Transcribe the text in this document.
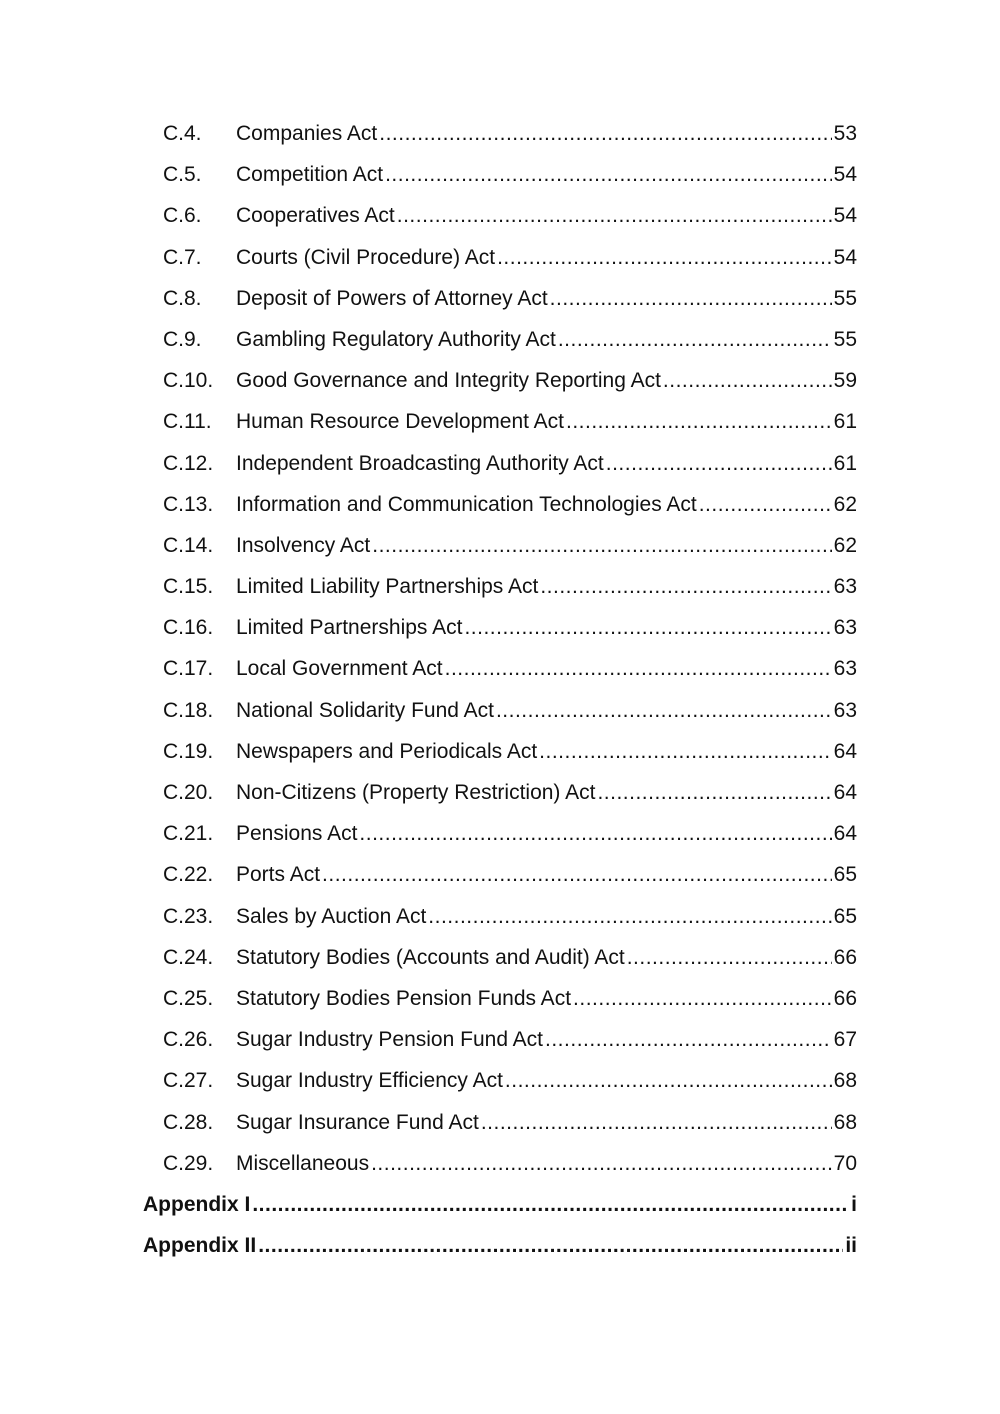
C.4. Companies Act .....	53
C.5. Competition Act .....	54
C.6. Cooperatives Act .....	54
C.7. Courts (Civil Procedure) Act .....	54
C.8. Deposit of Powers of Attorney Act .....	55
C.9. Gambling Regulatory Authority Act .....	55
C.10. Good Governance and Integrity Reporting Act .....	59
C.11. Human Resource Development Act .....	61
C.12. Independent Broadcasting Authority Act .....	61
C.13. Information and Communication Technologies Act .....	62
C.14. Insolvency Act .....	62
C.15. Limited Liability Partnerships Act .....	63
C.16. Limited Partnerships Act .....	63
C.17. Local Government Act .....	63
C.18. National Solidarity Fund Act .....	63
C.19. Newspapers and Periodicals Act .....	64
C.20. Non-Citizens (Property Restriction) Act .....	64
C.21. Pensions Act .....	64
C.22. Ports Act .....	65
C.23. Sales by Auction Act .....	65
C.24. Statutory Bodies (Accounts and Audit) Act .....	66
C.25. Statutory Bodies Pension Funds Act .....	66
C.26. Sugar Industry Pension Fund Act .....	67
C.27. Sugar Industry Efficiency Act .....	68
C.28. Sugar Insurance Fund Act .....	68
C.29. Miscellaneous .....	70
Appendix I .....	i
Appendix II .....	ii
